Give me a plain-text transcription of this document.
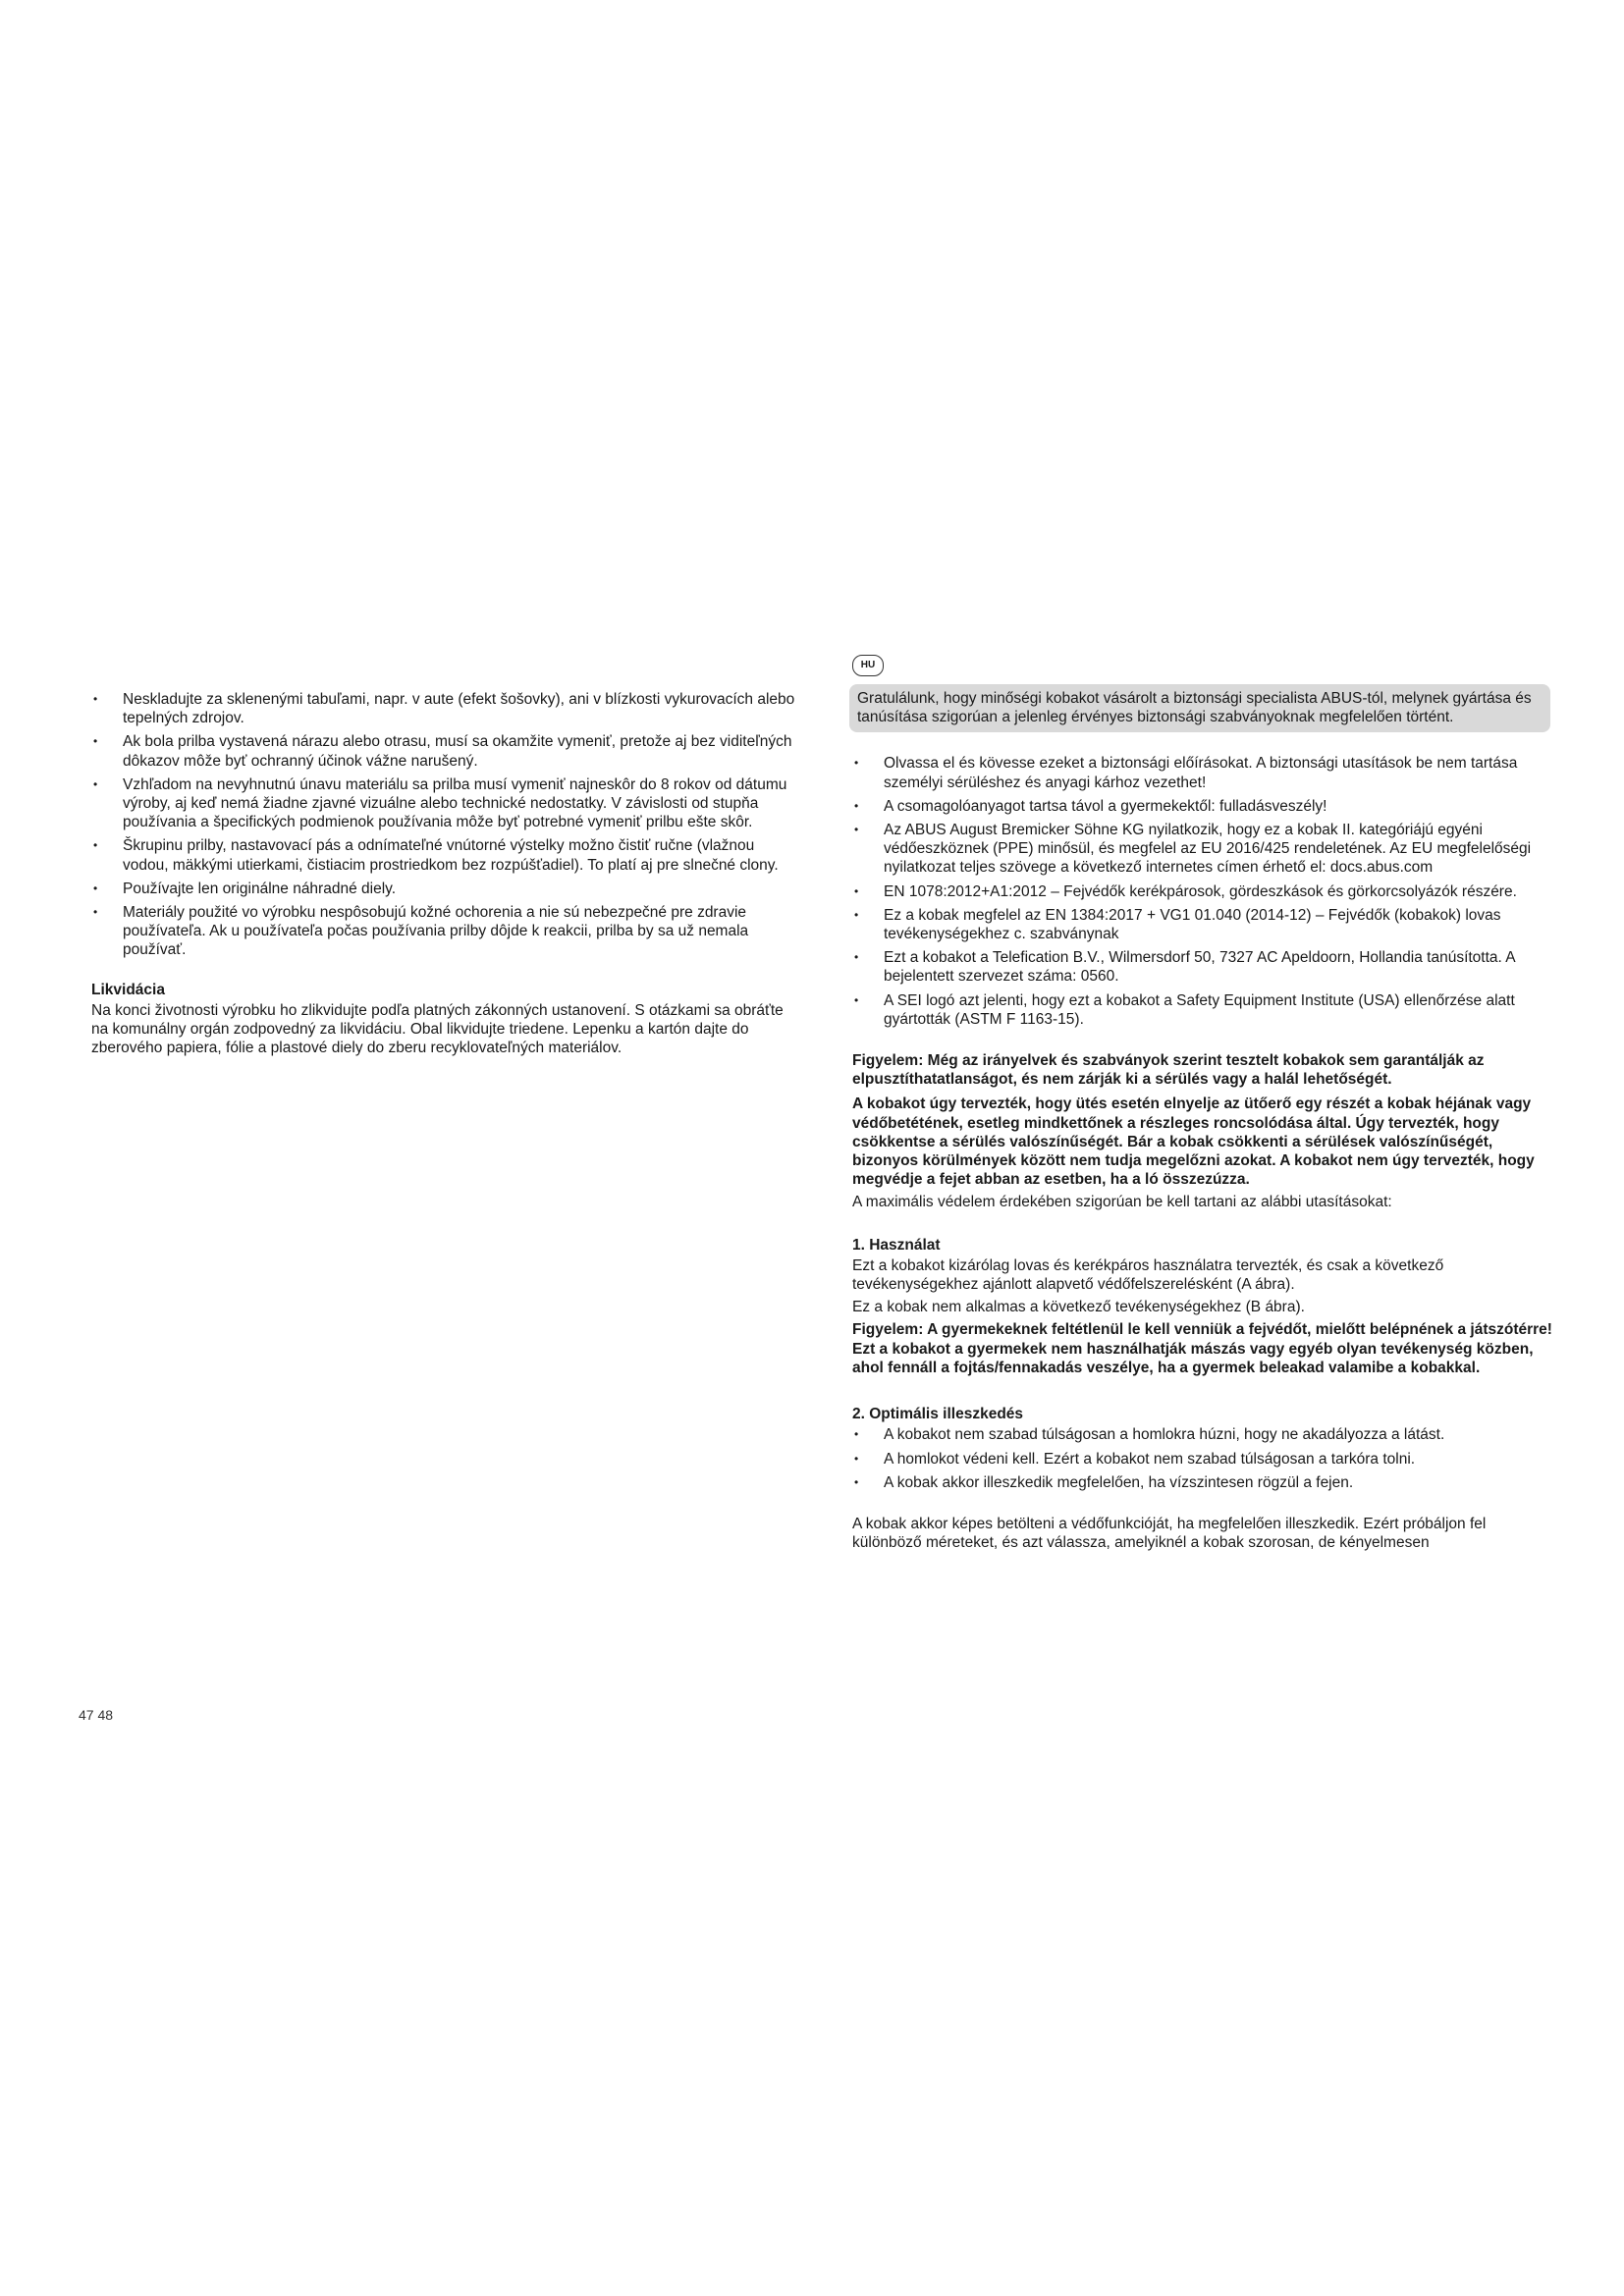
• Neskladujte za sklenenými tabuľami, napr. v aute (efekt šošovky), ani v blízkosti vykurovacích alebo tepelných zdrojov.
• Ak bola prilba vystavená nárazu alebo otrasu, musí sa okamžite vymeniť, pretože aj bez viditeľných dôkazov môže byť ochranný účinok vážne narušený.
• Vzhľadom na nevyhnutnú únavu materiálu sa prilba musí vymeniť najneskôr do 8 rokov od dátumu výroby, aj keď nemá žiadne zjavné vizuálne alebo technické nedostatky. V závislosti od stupňa používania a špecifických podmienok používania môže byť potrebné vymeniť prilbu ešte skôr.
• Škrupinu prilby, nastavovací pás a odnímateľné vnútorné výstelky možno čistiť ručne (vlažnou vodou, mäkkými utierkami, čistiacim prostriedkom bez rozpúšťadiel). To platí aj pre slnečné clony.
• Používajte len originálne náhradné diely.
• Materiály použité vo výrobku nespôsobujú kožné ochorenia a nie sú nebezpečné pre zdravie používateľa. Ak u používateľa počas používania prilby dôjde k reakcii, prilba by sa už nemala používať.

Likvidácia

Na konci životnosti výrobku ho zlikvidujte podľa platných zákonných ustanovení. S otázkami sa obráťte na komunálny orgán zodpovedný za likvidáciu. Obal likvidujte triedene. Lepenku a kartón dajte do zberového papiera, fólie a plastové diely do zberu recyklovateľných materiálov.

HU

Gratulálunk, hogy minőségi kobakot vásárolt a biztonsági specialista ABUS-tól, melynek gyártása és tanúsítása szigorúan a jelenleg érvényes biztonsági szabványoknak megfelelően történt.

• Olvassa el és kövesse ezeket a biztonsági előírásokat. A biztonsági utasítások be nem tartása személyi sérüléshez és anyagi kárhoz vezethet!
• A csomagolóanyagot tartsa távol a gyermekektől: fulladásveszély!
• Az ABUS August Bremicker Söhne KG nyilatkozik, hogy ez a kobak II. kategóriájú egyéni védőeszköznek (PPE) minősül, és megfelel az EU 2016/425 rendeletének. Az EU megfelelőségi nyilatkozat teljes szövege a következő internetes címen érhető el: docs.abus.com
• EN 1078:2012+A1:2012 – Fejvédők kerékpárosok, gördeszkások és görkorcsolyázók részére.
• Ez a kobak megfelel az EN 1384:2017 + VG1 01.040 (2014-12) – Fejvédők (kobakok) lovas tevékenységekhez c. szabványnak
• Ezt a kobakot a Telefication B.V., Wilmersdorf 50, 7327 AC Apeldoorn, Hollandia tanúsította. A bejelentett szervezet száma: 0560.
• A SEI logó azt jelenti, hogy ezt a kobakot a Safety Equipment Institute (USA) ellenőrzése alatt gyártották (ASTM F 1163-15).

Figyelem: Még az irányelvek és szabványok szerint tesztelt kobakok sem garantálják az elpusztíthatatlanságot, és nem zárják ki a sérülés vagy a halál lehetőségét.

A kobakot úgy tervezték, hogy ütés esetén elnyelje az ütőerő egy részét a kobak héjának vagy védőbetétének, esetleg mindkettőnek a részleges roncsolódása által. Úgy tervezték, hogy csökkentse a sérülés valószínűségét. Bár a kobak csökkenti a sérülések valószínűségét, bizonyos körülmények között nem tudja megelőzni azokat. A kobakot nem úgy tervezték, hogy megvédje a fejet abban az esetben, ha a ló összezúzza.

A maximális védelem érdekében szigorúan be kell tartani az alábbi utasításokat:

1. Használat

Ezt a kobakot kizárólag lovas és kerékpáros használatra tervezték, és csak a következő tevékenységekhez ajánlott alapvető védőfelszerelésként (A ábra).

Ez a kobak nem alkalmas a következő tevékenységekhez (B ábra).

Figyelem: A gyermekeknek feltétlenül le kell venniük a fejvédőt, mielőtt belépnének a játszótérre! Ezt a kobakot a gyermekek nem használhatják mászás vagy egyéb olyan tevékenység közben, ahol fennáll a fojtás/fennakadás veszélye, ha a gyermek beleakad valamibe a kobakkal.

2. Optimális illeszkedés

• A kobakot nem szabad túlságosan a homlokra húzni, hogy ne akadályozza a látást.
• A homlokot védeni kell. Ezért a kobakot nem szabad túlságosan a tarkóra tolni.
• A kobak akkor illeszkedik megfelelően, ha vízszintesen rögzül a fejen.

A kobak akkor képes betölteni a védőfunkcióját, ha megfelelően illeszkedik. Ezért próbáljon fel különböző méreteket, és azt válassza, amelyiknél a kobak szorosan, de kényelmesen

47 48
